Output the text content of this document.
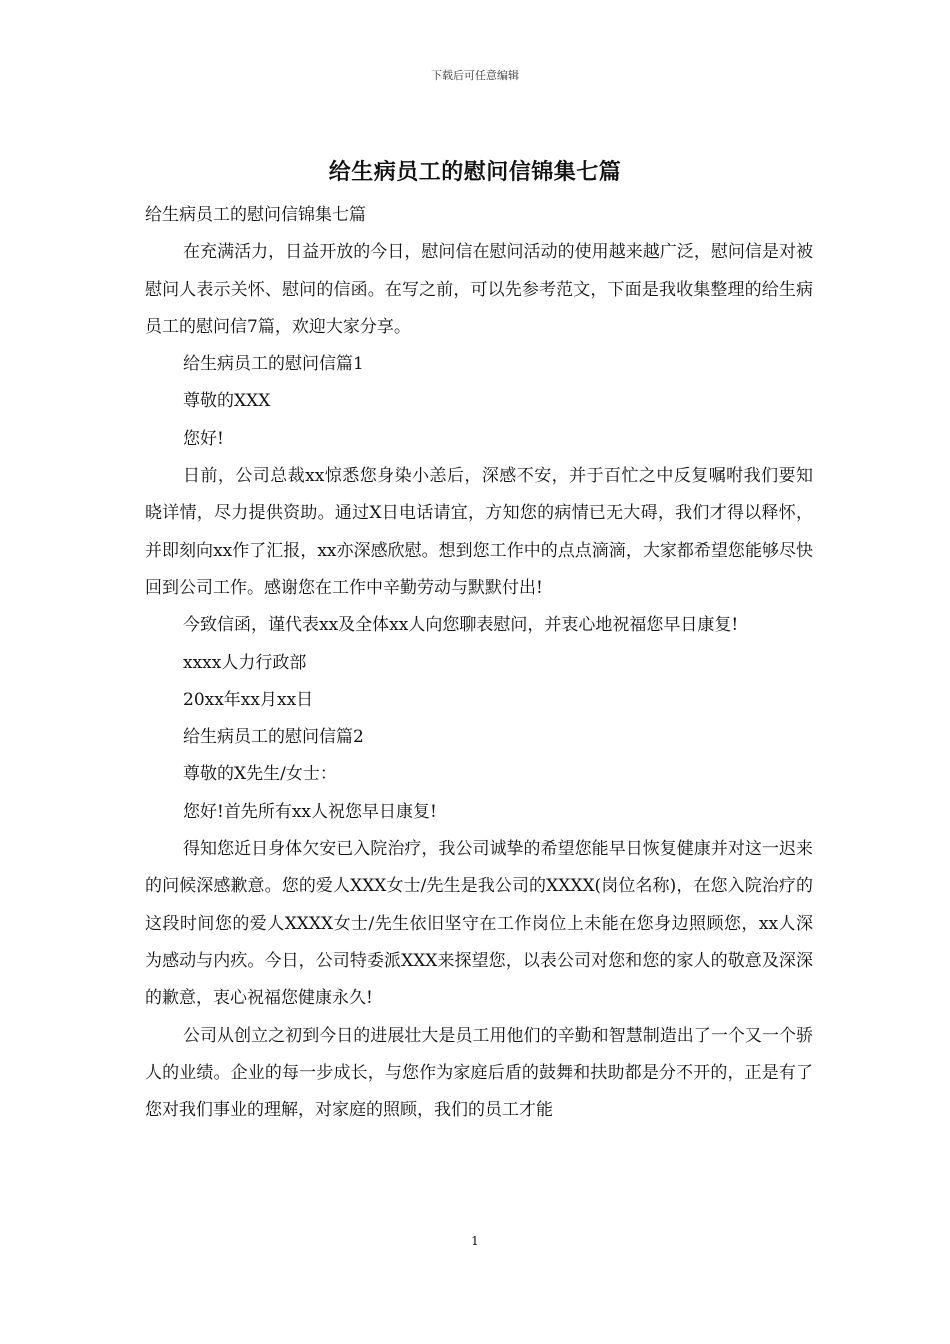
下载后可任意编辑
给生病员工的慰问信锦集七篇

给生病员工的慰问信锦集七篇

在充满活力，日益开放的今日，慰问信在慰问活动的使用越来越广泛，慰问信是对被慰问人表示关怀、慰问的信函。在写之前，可以先参考范文，下面是我收集整理的给生病员工的慰问信7篇，欢迎大家分享。

给生病员工的慰问信篇1

尊敬的XXX

您好!

日前，公司总裁xx惊悉您身染小恙后，深感不安，并于百忙之中反复嘱咐我们要知晓详情，尽力提供资助。通过X日电话请宜，方知您的病情已无大碍，我们才得以释怀，并即刻向xx作了汇报，xx亦深感欣慰。想到您工作中的点点滴滴，大家都希望您能够尽快回到公司工作。感谢您在工作中辛勤劳动与默默付出!

今致信函，谨代表xx及全体xx人向您聊表慰问，并衷心地祝福您早日康复!

xxxx人力行政部

20xx年xx月xx日

给生病员工的慰问信篇2

尊敬的X先生/女士：

您好!首先所有xx人祝您早日康复!

得知您近日身体欠安已入院治疗，我公司诚挚的希望您能早日恢复健康并对这一迟来的问候深感歉意。您的爱人XXX女士/先生是我公司的XXXX(岗位名称)，在您入院治疗的这段时间您的爱人XXXX女士/先生依旧坚守在工作岗位上未能在您身边照顾您，xx人深为感动与内疚。今日，公司特委派XXX来探望您，以表公司对您和您的家人的敬意及深深的歉意，衷心祝福您健康永久!

公司从创立之初到今日的进展壮大是员工用他们的辛勤和智慧制造出了一个又一个骄人的业绩。企业的每一步成长，与您作为家庭后盾的鼓舞和扶助都是分不开的，正是有了您对我们事业的理解，对家庭的照顾，我们的员工才能

1
